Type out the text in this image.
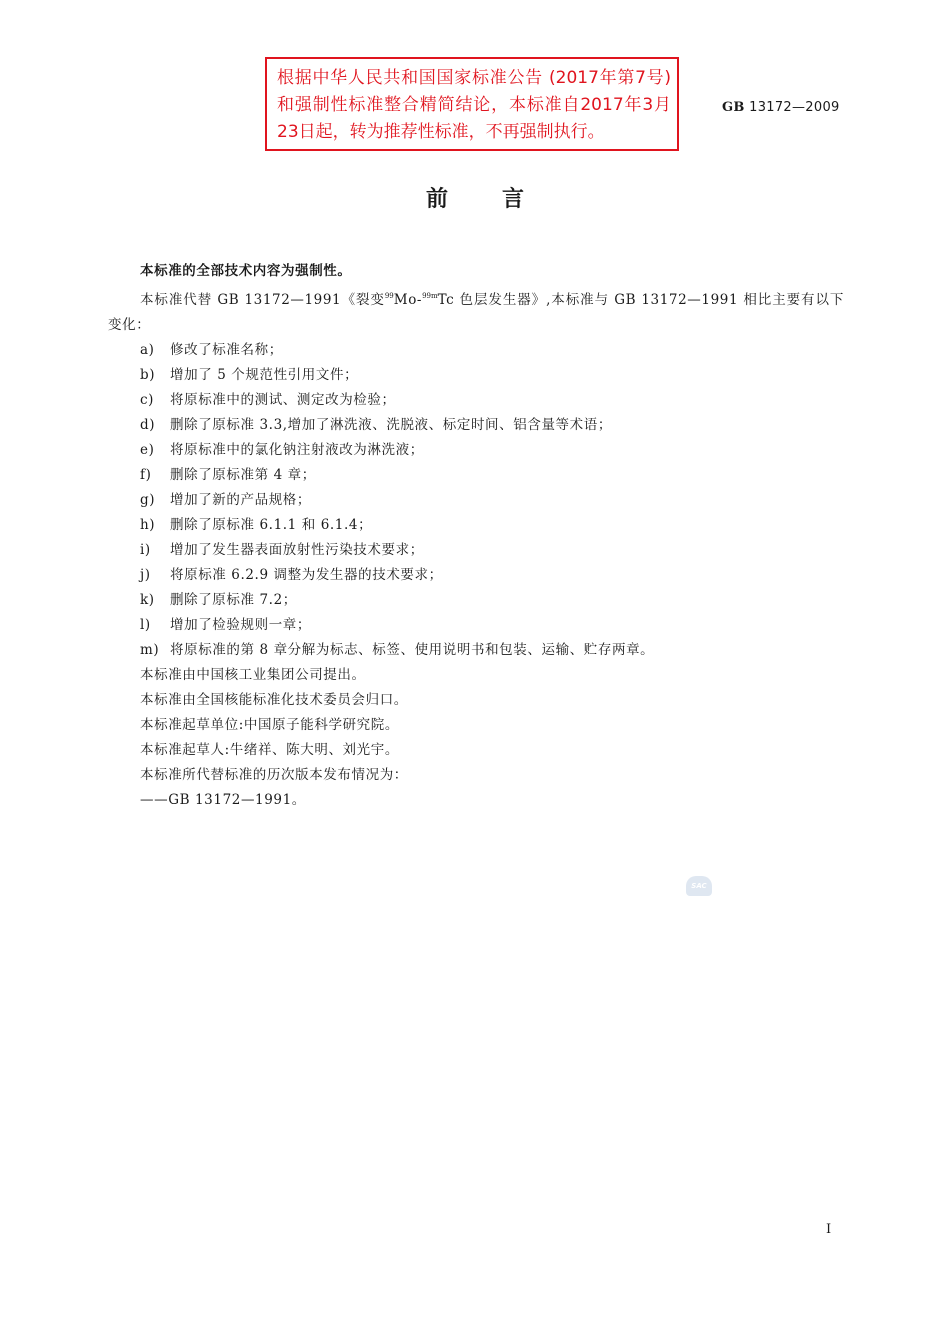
根据中华人民共和国国家标准公告 (2017年第7号) 和强制性标准整合精简结论，本标准自2017年3月23日起，转为推荐性标准，不再强制执行。
GB 13172—2009
前 言
本标准的全部技术内容为强制性。
本标准代替 GB 13172—1991《裂变$^{99}$Mo-$^{99m}$Tc 色层发生器》,本标准与 GB 13172—1991 相比主要有以下变化：
a) 修改了标准名称；
b) 增加了 5 个规范性引用文件；
c) 将原标准中的测试、测定改为检验；
d) 删除了原标准 3.3,增加了淋洗液、洗脱液、标定时间、铝含量等术语；
e) 将原标准中的氯化钠注射液改为淋洗液；
f) 删除了原标准第 4 章；
g) 增加了新的产品规格；
h) 删除了原标准 6.1.1 和 6.1.4；
i) 增加了发生器表面放射性污染技术要求；
j) 将原标准 6.2.9 调整为发生器的技术要求；
k) 删除了原标准 7.2；
l) 增加了检验规则一章；
m) 将原标准的第 8 章分解为标志、标签、使用说明书和包装、运输、贮存两章。
本标准由中国核工业集团公司提出。
本标准由全国核能标准化技术委员会归口。
本标准起草单位:中国原子能科学研究院。
本标准起草人:牛绪祥、陈大明、刘光宇。
本标准所代替标准的历次版本发布情况为：
——GB 13172—1991。
SAC
I
